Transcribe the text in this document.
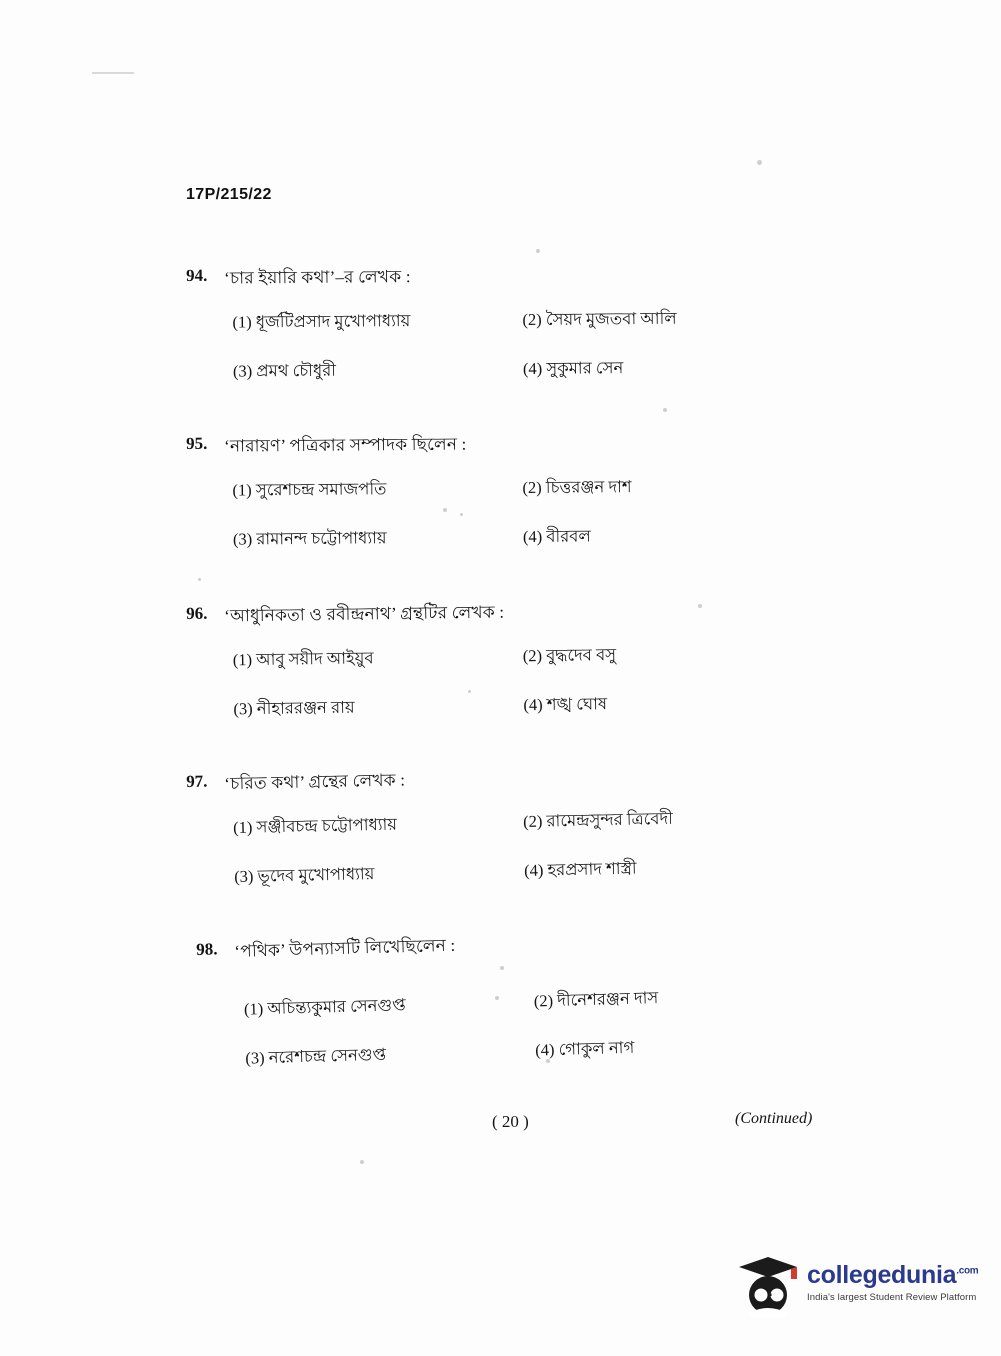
17P/215/22
94. ‘চার ইয়ারি কথা’–র লেখক :
(1) ধূর্জটিপ্রসাদ মুখোপাধ্যায়	(2) সৈয়দ মুজতবা আলি
(3) প্রমথ চৌধুরী	(4) সুকুমার সেন
95. ‘নারায়ণ’ পত্রিকার সম্পাদক ছিলেন :
(1) সুরেশচন্দ্র সমাজপতি	(2) চিত্তরঞ্জন দাশ
(3) রামানন্দ চট্টোপাধ্যায়	(4) বীরবল
96. ‘আধুনিকতা ও রবীন্দ্রনাথ’ গ্রন্থটির লেখক :
(1) আবু সয়ীদ আইয়ুব	(2) বুদ্ধদেব বসু
(3) নীহাররঞ্জন রায়	(4) শঙ্খ ঘোষ
97. ‘চরিত কথা’ গ্রন্থের লেখক :
(1) সঞ্জীবচন্দ্র চট্টোপাধ্যায়	(2) রামেন্দ্রসুন্দর ত্রিবেদী
(3) ভূদেব মুখোপাধ্যায়	(4) হরপ্রসাদ শাস্ত্রী
98. ‘পথিক’ উপন্যাসটি লিখেছিলেন :
(1) অচিন্ত্যকুমার সেনগুপ্ত	(2) দীনেশরঞ্জন দাস
(3) নরেশচন্দ্র সেনগুপ্ত	(4) গোকুল নাগ
( 20 )	(Continued)
collegedunia$^{.com}$
India's largest Student Review Platform
